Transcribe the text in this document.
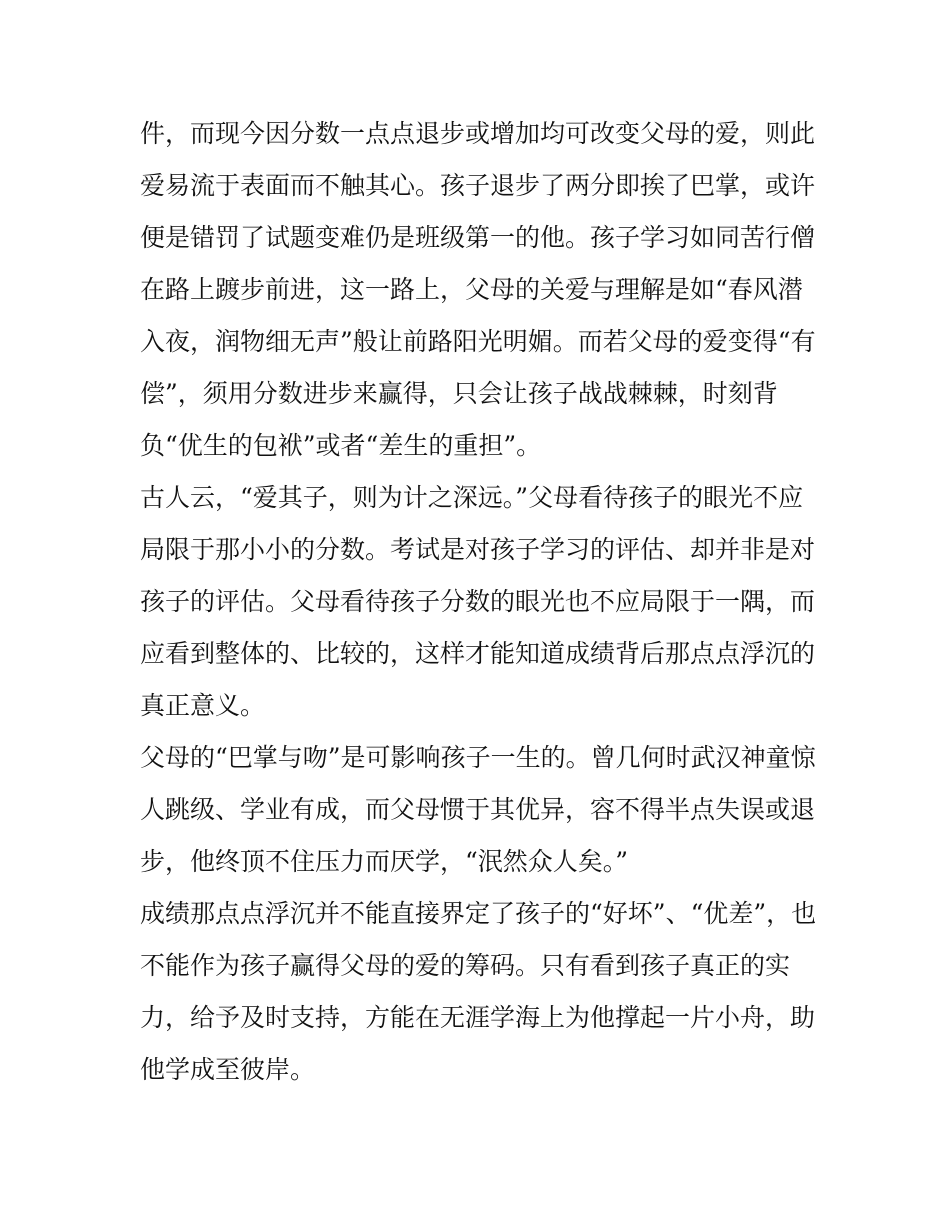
件，而现今因分数一点点退步或增加均可改变父母的爱，则此
爱易流于表面而不触其心。孩子退步了两分即挨了巴掌，或许
便是错罚了试题变难仍是班级第一的他。孩子学习如同苦行僧
在路上踱步前进，这一路上，父母的关爱与理解是如“春风潜
入夜，润物细无声”般让前路阳光明媚。而若父母的爱变得“有
偿”，须用分数进步来赢得，只会让孩子战战棘棘，时刻背
负“优生的包袱”或者“差生的重担”。
古人云，“爱其子，则为计之深远。”父母看待孩子的眼光不应
局限于那小小的分数。考试是对孩子学习的评估、却并非是对
孩子的评估。父母看待孩子分数的眼光也不应局限于一隅，而
应看到整体的、比较的，这样才能知道成绩背后那点点浮沉的
真正意义。
父母的“巴掌与吻”是可影响孩子一生的。曾几何时武汉神童惊
人跳级、学业有成，而父母惯于其优异，容不得半点失误或退
步，他终顶不住压力而厌学，“泯然众人矣。”
成绩那点点浮沉并不能直接界定了孩子的“好坏”、“优差”，也
不能作为孩子赢得父母的爱的筹码。只有看到孩子真正的实
力，给予及时支持，方能在无涯学海上为他撑起一片小舟，助
他学成至彼岸。
